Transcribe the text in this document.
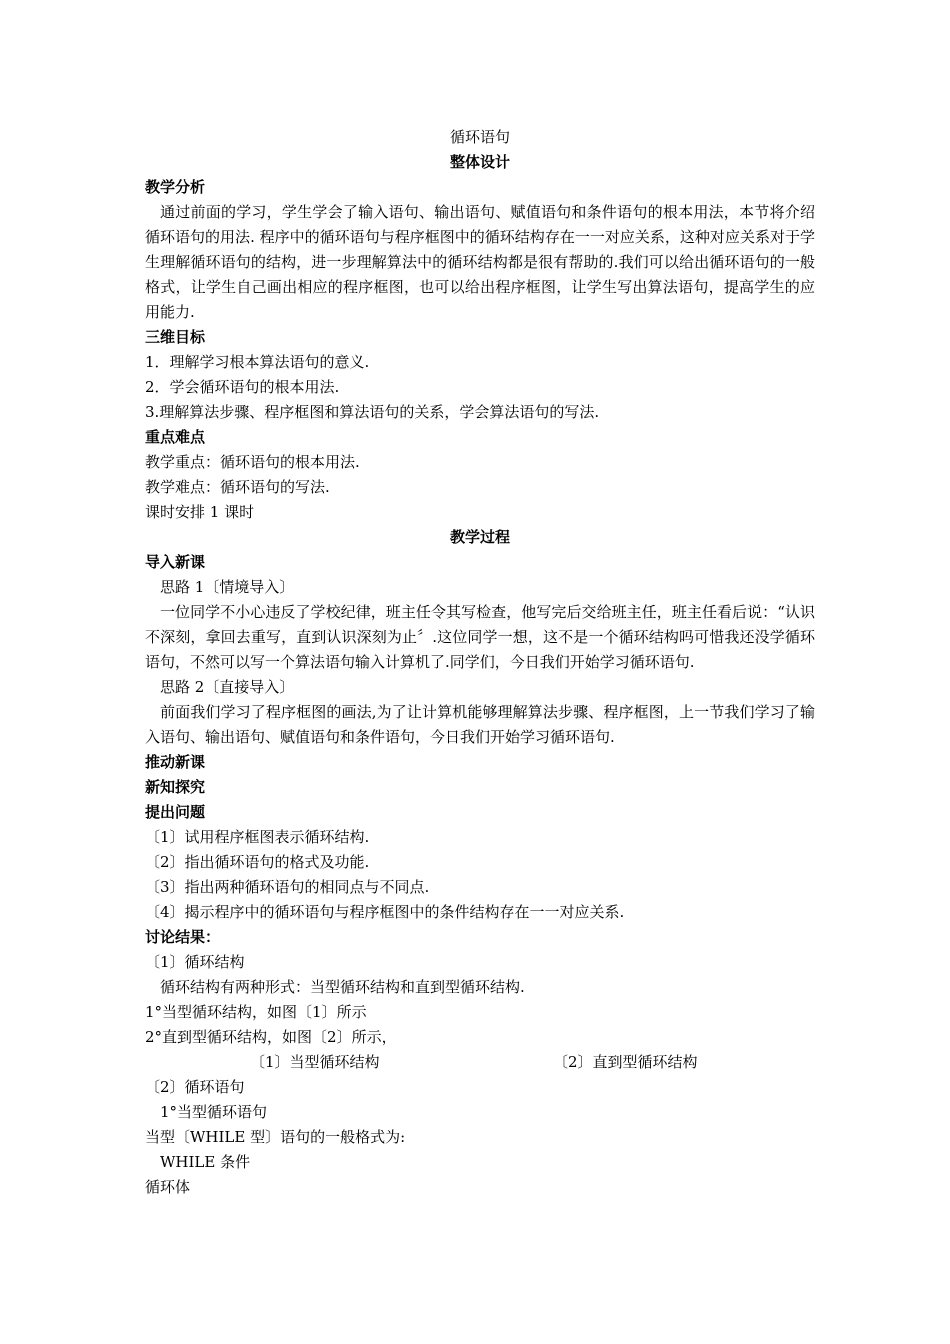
循环语句
整体设计
教学分析
通过前面的学习，学生学会了输入语句、输出语句、赋值语句和条件语句的根本用法，本节将介绍循环语句的用法. 程序中的循环语句与程序框图中的循环结构存在一一对应关系，这种对应关系对于学生理解循环语句的结构，进一步理解算法中的循环结构都是很有帮助的.我们可以给出循环语句的一般格式，让学生自己画出相应的程序框图，也可以给出程序框图，让学生写出算法语句，提高学生的应用能力.
三维目标
1．理解学习根本算法语句的意义.
2．学会循环语句的根本用法.
3.理解算法步骤、程序框图和算法语句的关系，学会算法语句的写法.
重点难点
教学重点：循环语句的根本用法.
教学难点：循环语句的写法.
课时安排 1 课时
教学过程
导入新课
思路 1〔情境导入〕
一位同学不小心违反了学校纪律，班主任令其写检查，他写完后交给班主任，班主任看后说：“认识不深刻，拿回去重写，直到认识深刻为止〞.这位同学一想，这不是一个循环结构吗可惜我还没学循环语句，不然可以写一个算法语句输入计算机了.同学们，今日我们开始学习循环语句.
思路 2〔直接导入〕
前面我们学习了程序框图的画法,为了让计算机能够理解算法步骤、程序框图，上一节我们学习了输入语句、输出语句、赋值语句和条件语句，今日我们开始学习循环语句.
推动新课
新知探究
提出问题
〔1〕试用程序框图表示循环结构.
〔2〕指出循环语句的格式及功能.
〔3〕指出两种循环语句的相同点与不同点.
〔4〕揭示程序中的循环语句与程序框图中的条件结构存在一一对应关系.
讨论结果：
〔1〕循环结构
循环结构有两种形式：当型循环结构和直到型循环结构.
1°当型循环结构，如图〔1〕所示
2°直到型循环结构，如图〔2〕所示，
〔1〕当型循环结构	〔2〕直到型循环结构
〔2〕循环语句
1°当型循环语句
当型〔WHILE 型〕语句的一般格式为:
WHILE 条件
循环体
